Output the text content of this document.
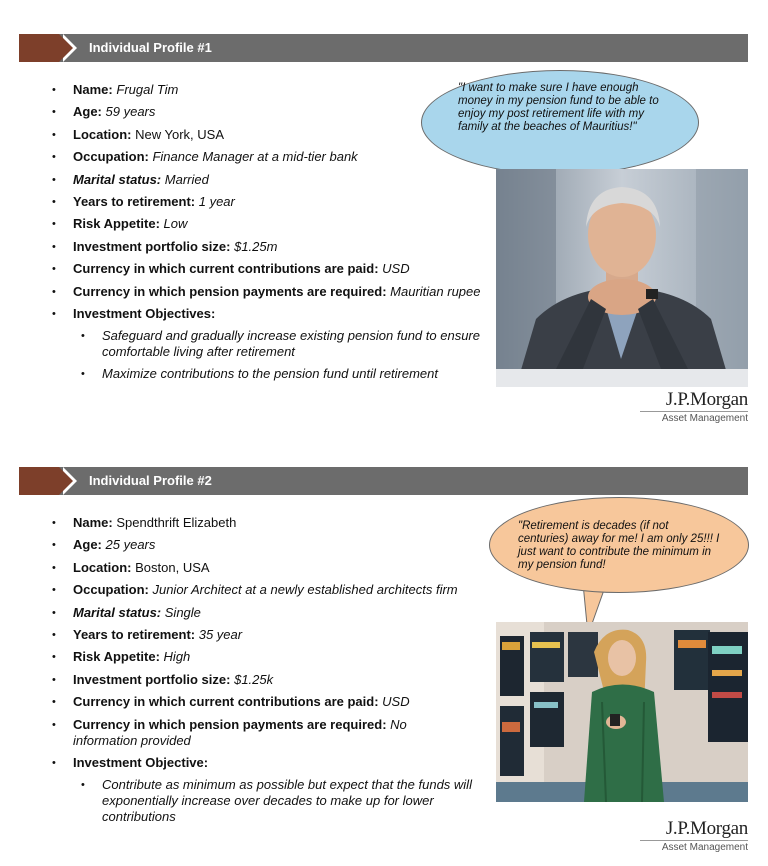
Individual Profile #1
• Name: Frugal Tim
• Age: 59 years
• Location: New York, USA
• Occupation: Finance Manager at a mid-tier bank
• Marital status: Married
• Years to retirement: 1 year
• Risk Appetite: Low
• Investment portfolio size: $1.25m
• Currency in which current contributions are paid: USD
• Currency in which pension payments are required: Mauritian rupee
• Investment Objectives:
• Safeguard and gradually increase existing pension fund to ensure comfortable living after retirement
• Maximize contributions to the pension fund until retirement
"I want to make sure I have enough money in my pension fund to be able to enjoy my post retirement life with my family at the beaches of Mauritius!"
J.P.Morgan
Asset Management
Individual Profile #2
• Name: Spendthrift Elizabeth
• Age: 25 years
• Location: Boston, USA
• Occupation: Junior Architect at a newly established architects firm
• Marital status: Single
• Years to retirement: 35 year
• Risk Appetite: High
• Investment portfolio size: $1.25k
• Currency in which current contributions are paid: USD
• Currency in which pension payments are required: No information provided
• Investment Objective:
• Contribute as minimum as possible but expect that the funds will exponentially increase over decades to make up for lower contributions
"Retirement is decades (if not centuries) away for me! I am only 25!!! I just want to contribute the minimum in my pension fund!
J.P.Morgan
Asset Management
